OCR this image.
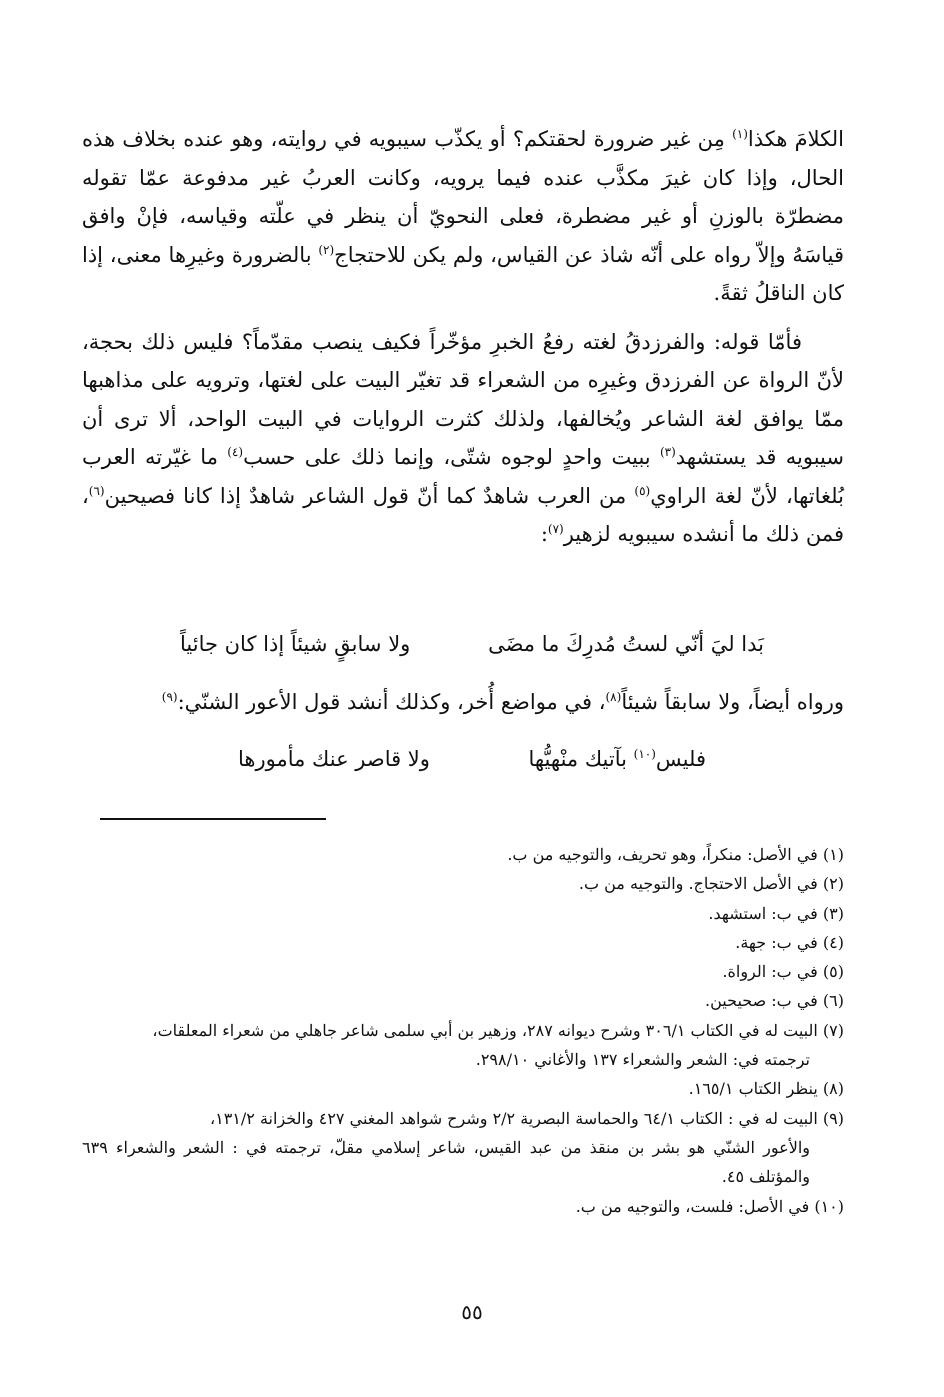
الكلامَ هكذا$^{(١)}$ مِن غير ضرورة لحقتكم؟ أو يكذّب سيبويه في روايته، وهو عنده بخلاف هذه الحال، وإذا كان غيرَ مكذَّب عنده فيما يرويه، وكانت العربُ غير مدفوعة عمّا تقوله مضطرّة بالوزنِ أو غير مضطرة، فعلى النحويّ أن ينظر في علّته وقياسه، فإنْ وافق قياسَهُ وإلاّ رواه على أنّه شاذ عن القياس، ولم يكن للاحتجاج$^{(٢)}$ بالضرورة وغيرِها معنى، إذا كان الناقلُ ثقةً.

فأمّا قوله: والفرزدقُ لغته رفعُ الخبرِ مؤخّراً فكيف ينصب مقدّماً؟ فليس ذلك بحجة، لأنّ الرواة عن الفرزدق وغيرِه من الشعراء قد تغيّر البيت على لغتها، وترويه على مذاهبها ممّا يوافق لغة الشاعر ويُخالفها، ولذلك كثرت الروايات في البيت الواحد، ألا ترى أن سيبويه قد يستشهد$^{(٣)}$ ببيت واحدٍ لوجوه شتّى، وإنما ذلك على حسب$^{(٤)}$ ما غيّرته العرب بُلغاتها، لأنّ لغة الراوي$^{(٥)}$ من العرب شاهدٌ كما أنّ قول الشاعر شاهدٌ إذا كانا فصيحين$^{(٦)}$، فمن ذلك ما أنشده سيبويه لزهير$^{(٧)}$:

بَدا ليَ أنّي لستُ مُدرِكَ ما مضَى
ولا سابقٍ شيئاً إذا كان جائياً
ورواه أيضاً، ولا سابقاً شيئاً$^{(٨)}$، في مواضع أُخر، وكذلك أنشد قول الأعور الشنّي:$^{(٩)}$
فليس$^{(١٠)}$ بآتيك منْهيُّها
ولا قاصر عنك مأمورها

(١) في الأصل: منكراً، وهو تحريف، والتوجيه من ب.

(٢) في الأصل الاحتجاج. والتوجيه من ب.

(٣) في ب: استشهد.

(٤) في ب: جهة.

(٥) في ب: الرواة.

(٦) في ب: صحيحين.

(٧) البيت له في الكتاب ٣٠٦/١ وشرح ديوانه ٢٨٧، وزهير بن أبي سلمى شاعر جاهلي من شعراء المعلقات،
ترجمته في: الشعر والشعراء ١٣٧ والأغاني ٢٩٨/١٠.

(٨) ينظر الكتاب ١٦٥/١.

(٩) البيت له في : الكتاب ٦٤/١ والحماسة البصرية ٢/٢ وشرح شواهد المغني ٤٢٧ والخزانة ١٣١/٢،
والأعور الشنّي هو بشر بن منقذ من عبد القيس، شاعر إسلامي مقلّ، ترجمته في : الشعر والشعراء ٦٣٩ والمؤتلف ٤٥.

(١٠) في الأصل: فلست، والتوجيه من ب.

٥٥
